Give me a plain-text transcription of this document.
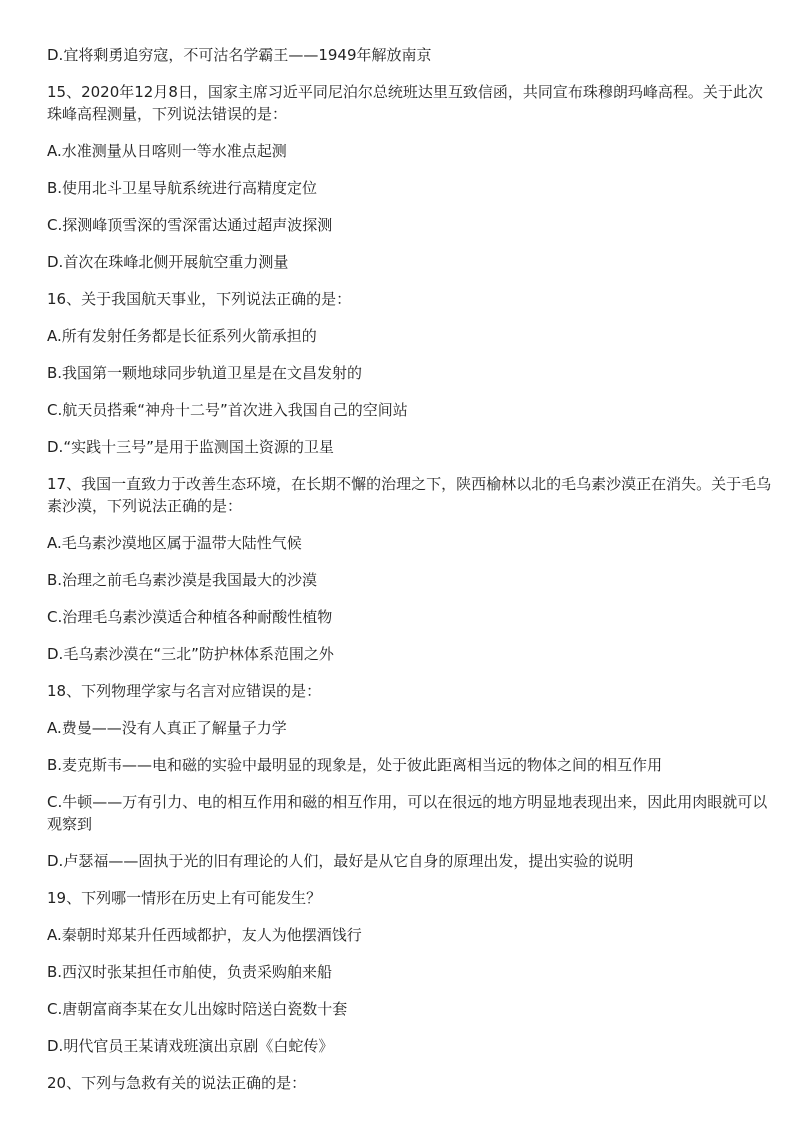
D.宜将剩勇追穷寇，不可沽名学霸王——1949年解放南京

15、2020年12月8日，国家主席习近平同尼泊尔总统班达里互致信函，共同宣布珠穆朗玛峰高程。关于此次珠峰高程测量，下列说法错误的是：

A.水准测量从日喀则一等水准点起测

B.使用北斗卫星导航系统进行高精度定位

C.探测峰顶雪深的雪深雷达通过超声波探测

D.首次在珠峰北侧开展航空重力测量

16、关于我国航天事业，下列说法正确的是：

A.所有发射任务都是长征系列火箭承担的

B.我国第一颗地球同步轨道卫星是在文昌发射的

C.航天员搭乘“神舟十二号”首次进入我国自己的空间站

D.“实践十三号”是用于监测国土资源的卫星

17、我国一直致力于改善生态环境，在长期不懈的治理之下，陕西榆林以北的毛乌素沙漠正在消失。关于毛乌素沙漠，下列说法正确的是：

A.毛乌素沙漠地区属于温带大陆性气候

B.治理之前毛乌素沙漠是我国最大的沙漠

C.治理毛乌素沙漠适合种植各种耐酸性植物

D.毛乌素沙漠在“三北”防护林体系范围之外

18、下列物理学家与名言对应错误的是：

A.费曼——没有人真正了解量子力学

B.麦克斯韦——电和磁的实验中最明显的现象是，处于彼此距离相当远的物体之间的相互作用

C.牛顿——万有引力、电的相互作用和磁的相互作用，可以在很远的地方明显地表现出来，因此用肉眼就可以观察到

D.卢瑟福——固执于光的旧有理论的人们，最好是从它自身的原理出发，提出实验的说明

19、下列哪一情形在历史上有可能发生？

A.秦朝时郑某升任西域都护，友人为他摆酒饯行

B.西汉时张某担任市舶使，负责采购舶来船

C.唐朝富商李某在女儿出嫁时陪送白瓷数十套

D.明代官员王某请戏班演出京剧《白蛇传》

20、下列与急救有关的说法正确的是：
